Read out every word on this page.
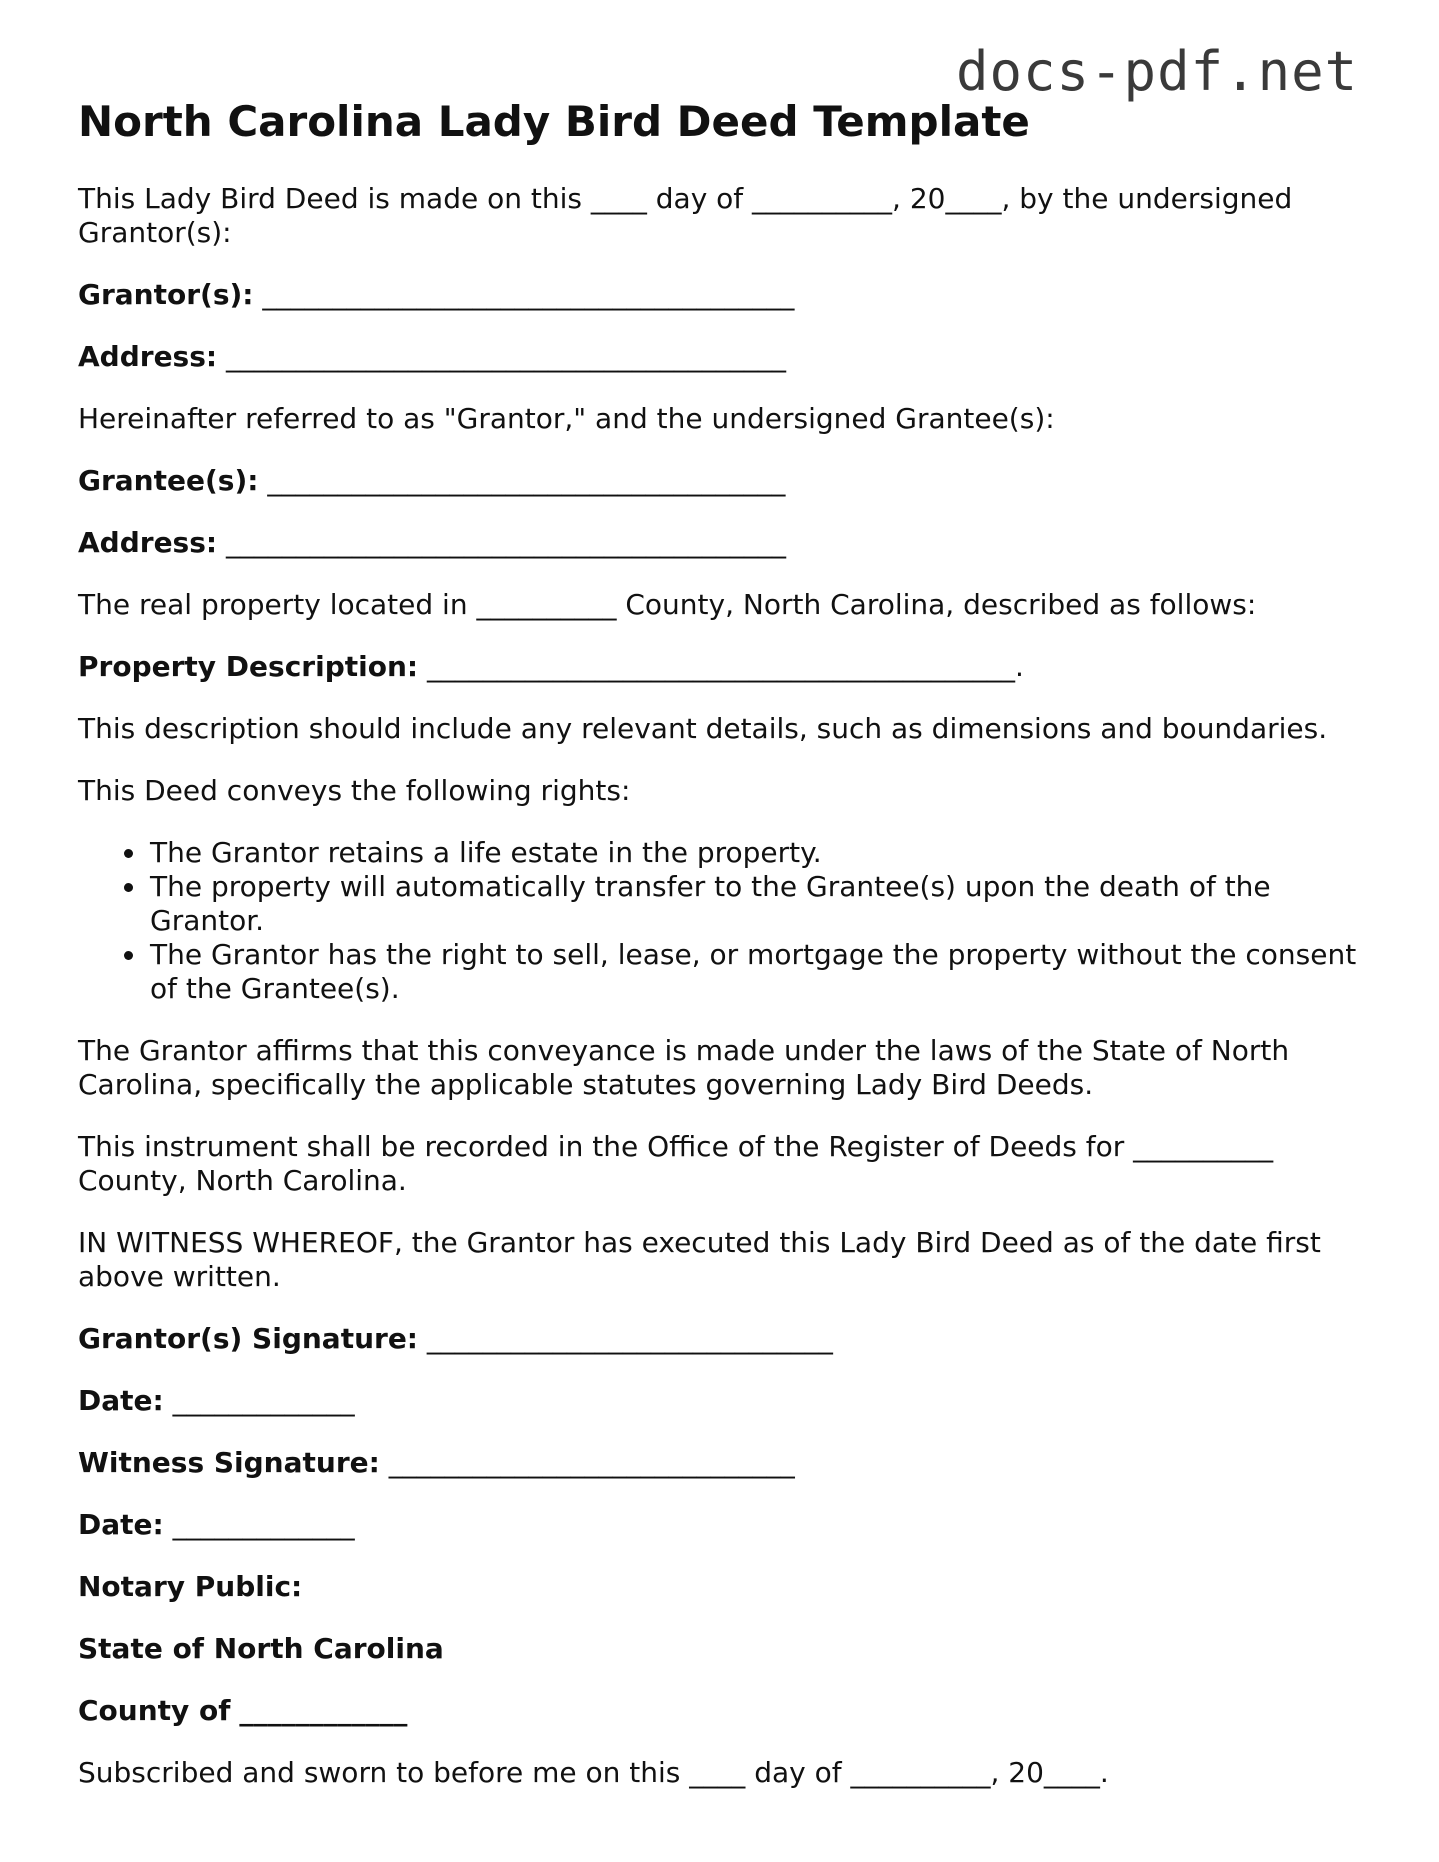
docs-pdf.net
North Carolina Lady Bird Deed Template

This Lady Bird Deed is made on this ____ day of __________, 20____, by the undersigned Grantor(s):

Grantor(s): ______________________________________

Address: ________________________________________

Hereinafter referred to as "Grantor," and the undersigned Grantee(s):

Grantee(s): _____________________________________

Address: ________________________________________

The real property located in __________ County, North Carolina, described as follows:

Property Description: __________________________________________.

This description should include any relevant details, such as dimensions and boundaries.

This Deed conveys the following rights:

• The Grantor retains a life estate in the property.
• The property will automatically transfer to the Grantee(s) upon the death of the Grantor.
• The Grantor has the right to sell, lease, or mortgage the property without the consent of the Grantee(s).

The Grantor affirms that this conveyance is made under the laws of the State of North Carolina, specifically the applicable statutes governing Lady Bird Deeds.

This instrument shall be recorded in the Office of the Register of Deeds for __________ County, North Carolina.

IN WITNESS WHEREOF, the Grantor has executed this Lady Bird Deed as of the date first above written.

Grantor(s) Signature: _____________________________

Date: _____________

Witness Signature: _____________________________

Date: _____________

Notary Public:

State of North Carolina

County of ____________

Subscribed and sworn to before me on this ____ day of __________, 20____.
